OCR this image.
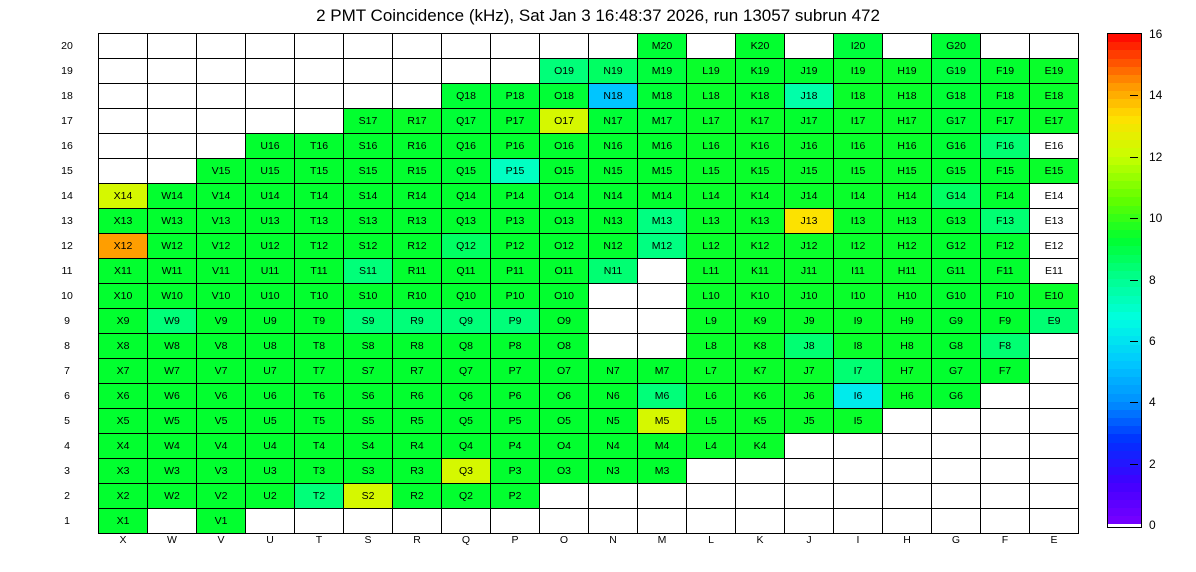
2 PMT Coincidence (kHz), Sat Jan 3 16:48:37 2026, run 13057 subrun 472
20												M20		K20		I20		G20		
19										O19	N19	M19	L19	K19	J19	I19	H19	G19	F19	E19
18								Q18	P18	O18	N18	M18	L18	K18	J18	I18	H18	G18	F18	E18
17						S17	R17	Q17	P17	O17	N17	M17	L17	K17	J17	I17	H17	G17	F17	E17
16				U16	T16	S16	R16	Q16	P16	O16	N16	M16	L16	K16	J16	I16	H16	G16	F16	E16
15			V15	U15	T15	S15	R15	Q15	P15	O15	N15	M15	L15	K15	J15	I15	H15	G15	F15	E15
14	X14	W14	V14	U14	T14	S14	R14	Q14	P14	O14	N14	M14	L14	K14	J14	I14	H14	G14	F14	E14
13	X13	W13	V13	U13	T13	S13	R13	Q13	P13	O13	N13	M13	L13	K13	J13	I13	H13	G13	F13	E13
12	X12	W12	V12	U12	T12	S12	R12	Q12	P12	O12	N12	M12	L12	K12	J12	I12	H12	G12	F12	E12
11	X11	W11	V11	U11	T11	S11	R11	Q11	P11	O11	N11		L11	K11	J11	I11	H11	G11	F11	E11
10	X10	W10	V10	U10	T10	S10	R10	Q10	P10	O10			L10	K10	J10	I10	H10	G10	F10	E10
9	X9	W9	V9	U9	T9	S9	R9	Q9	P9	O9			L9	K9	J9	I9	H9	G9	F9	E9
8	X8	W8	V8	U8	T8	S8	R8	Q8	P8	O8			L8	K8	J8	I8	H8	G8	F8	
7	X7	W7	V7	U7	T7	S7	R7	Q7	P7	O7	N7	M7	L7	K7	J7	I7	H7	G7	F7	
6	X6	W6	V6	U6	T6	S6	R6	Q6	P6	O6	N6	M6	L6	K6	J6	I6	H6	G6		
5	X5	W5	V5	U5	T5	S5	R5	Q5	P5	O5	N5	M5	L5	K5	J5	I5				
4	X4	W4	V4	U4	T4	S4	R4	Q4	P4	O4	N4	M4	L4	K4						
3	X3	W3	V3	U3	T3	S3	R3	Q3	P3	O3	N3	M3								
2	X2	W2	V2	U2	T2	S2	R2	Q2	P2											
1	X1		V1																	
	X	W	V	U	T	S	R	Q	P	O	N	M	L	K	J	I	H	G	F	E
0
2
4
6
8
10
12
14
16
